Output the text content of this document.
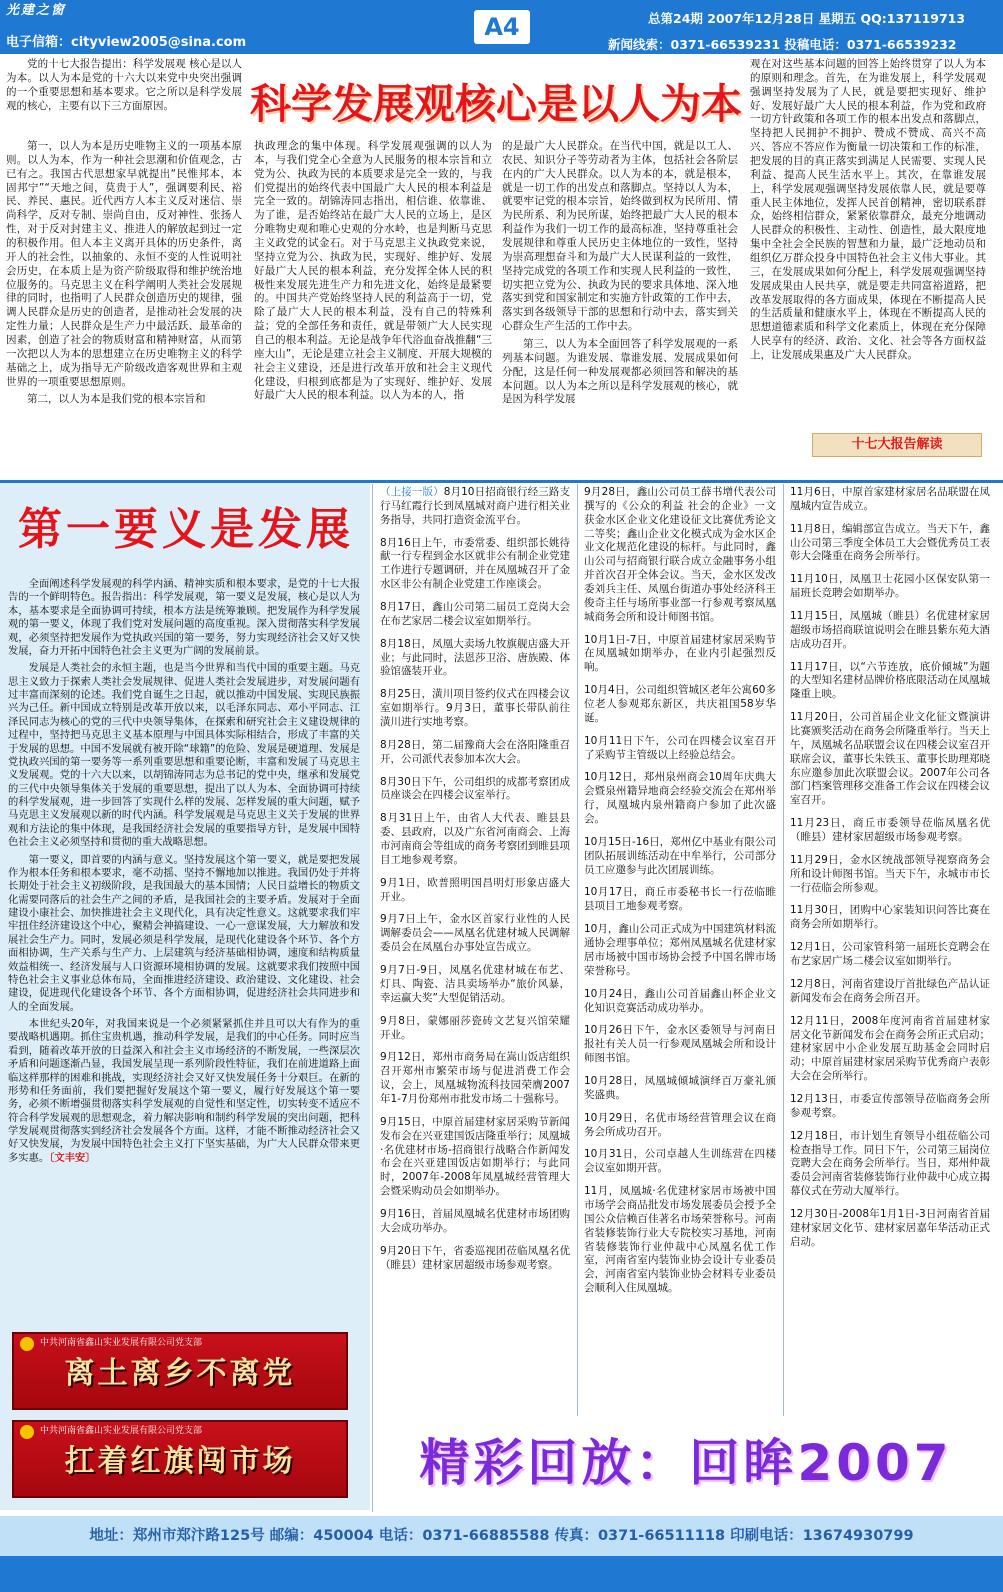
光建之窗
电子信箱：cityview2005@sina.com
A4	总第24期 2007年12月28日 星期五 QQ:137119713
新闻线索：0371-66539231 投稿电话：0371-66539232
科学发展观核心是以人为本

党的十七大报告提出：科学发展观 核心是以人为本。以人为本是党的十六大以来党中央突出强调的一个重要思想和基本要求。它之所以是科学发展观的核心，主要有以下三方面原因。

第一，以人为本是历史唯物主义的一项基本原则。以人为本，作为一种社会思潮和价值观念，古已有之。我国古代思想家早就提出“民惟邦本，本固邦宁”“天地之间，莫贵于人”，强调要利民、裕民、养民、惠民。近代西方人本主义反对迷信、崇尚科学，反对专制、崇尚自由，反对神性、张扬人性，对于反对封建主义、推进人的解放起到过一定的积极作用。但人本主义离开具体的历史条件，离开人的社会性，以抽象的、永恒不变的人性说明社会历史，在本质上是为资产阶级取得和维护统治地位服务的。马克思主义在科学阐明人类社会发展规律的同时，也指明了人民群众创造历史的规律，强调人民群众是历史的创造者，是推动社会发展的决定性力量；人民群众是生产力中最活跃、最革命的因素，创造了社会的物质财富和精神财富，从而第一次把以人为本的思想建立在历史唯物主义的科学基础之上，成为指导无产阶级改造客观世界和主观世界的一项重要思想原则。

第二，以人为本是我们党的根本宗旨和

执政理念的集中体现。科学发展观强调的以人为本，与我们党全心全意为人民服务的根本宗旨和立党为公、执政为民的本质要求是完全一致的，与我们党提出的始终代表中国最广大人民的根本利益是完全一致的。胡锦涛同志指出，相信谁、依靠谁、为了谁，是否始终站在最广大人民的立场上，是区分唯物史观和唯心史观的分水岭，也是判断马克思主义政党的试金石。对于马克思主义执政党来说，坚持立党为公、执政为民，实现好、维护好、发展好最广大人民的根本利益，充分发挥全体人民的积极性来发展先进生产力和先进文化，始终是最紧要的。中国共产党始终坚持人民的利益高于一切，党除了最广大人民的根本利益，没有自己的特殊利益；党的全部任务和责任，就是带领广大人民实现自己的根本利益。无论是战争年代浴血奋战推翻“三座大山”，无论是建立社会主义制度、开展大规模的社会主义建设，还是进行改革开放和社会主义现代化建设，归根到底都是为了实现好、维护好、发展好最广大人民的根本利益。以人为本的人，指

的是最广大人民群众。在当代中国，就是以工人、农民、知识分子等劳动者为主体，包括社会各阶层在内的广大人民群众。以人为本的本，就是根本，就是一切工作的出发点和落脚点。坚持以人为本，就要牢记党的根本宗旨，始终做到权为民所用、情为民所系、利为民所谋，始终把最广大人民的根本利益作为我们一切工作的最高标准，坚持尊重社会发展规律和尊重人民历史主体地位的一致性，坚持为崇高理想奋斗和为最广大人民谋利益的一致性，坚持完成党的各项工作和实现人民利益的一致性，切实把立党为公、执政为民的要求具体地、深入地落实到党和国家制定和实施方针政策的工作中去，落实到各级领导干部的思想和行动中去，落实到关心群众生产生活的工作中去。

第三，以人为本全面回答了科学发展观的一系列基本问题。为谁发展、靠谁发展、发展成果如何分配，这是任何一种发展观都必须回答和解决的基本问题。以人为本之所以是科学发展观的核心，就是因为科学发展

观在对这些基本问题的回答上始终贯穿了以人为本的原则和理念。首先，在为谁发展上，科学发展观强调坚持发展为了人民，就是要把实现好、维护好、发展好最广大人民的根本利益，作为党和政府一切方针政策和各项工作的根本出发点和落脚点，坚持把人民拥护不拥护、赞成不赞成、高兴不高兴、答应不答应作为衡量一切决策和工作的标准，把发展的目的真正落实到满足人民需要、实现人民利益、提高人民生活水平上。其次，在靠谁发展上，科学发展观强调坚持发展依靠人民，就是要尊重人民主体地位，发挥人民首创精神，密切联系群众，始终相信群众，紧紧依靠群众，最充分地调动人民群众的积极性、主动性、创造性，最大限度地集中全社会全民族的智慧和力量，最广泛地动员和组织亿万群众投身中国特色社会主义伟大事业。其三，在发展成果如何分配上，科学发展观强调坚持发展成果由人民共享，就是要走共同富裕道路，把改革发展取得的各方面成果，体现在不断提高人民的生活质量和健康水平上，体现在不断提高人民的思想道德素质和科学文化素质上，体现在充分保障人民享有的经济、政治、文化、社会等各方面权益上，让发展成果惠及广大人民群众。

十七大报告解读
第一要义是发展

全面阐述科学发展观的科学内涵、精神实质和根本要求，是党的十七大报告的一个鲜明特色。报告指出：科学发展观，第一要义是发展，核心是以人为本，基本要求是全面协调可持续，根本方法是统筹兼顾。把发展作为科学发展观的第一要义，体现了我们党对发展问题的高度重视。深入贯彻落实科学发展观，必须坚持把发展作为党执政兴国的第一要务，努力实现经济社会又好又快发展，奋力开拓中国特色社会主义更为广阔的发展前景。

发展是人类社会的永恒主题，也是当今世界和当代中国的重要主题。马克思主义致力于探索人类社会发展规律、促进人类社会发展进步，对发展问题有过丰富而深刻的论述。我们党自诞生之日起，就以推动中国发展、实现民族振兴为己任。新中国成立特别是改革开放以来，以毛泽东同志、邓小平同志、江泽民同志为核心的党的三代中央领导集体，在探索和研究社会主义建设规律的过程中，坚持把马克思主义基本原理与中国具体实际相结合，形成了丰富的关于发展的思想。中国不发展就有被开除“球籍”的危险、发展是硬道理、发展是党执政兴国的第一要务等一系列重要思想和重要论断，丰富和发展了马克思主义发展观。党的十六大以来，以胡锦涛同志为总书记的党中央，继承和发展党的三代中央领导集体关于发展的重要思想，提出了以人为本、全面协调可持续的科学发展观，进一步回答了实现什么样的发展、怎样发展的重大问题，赋予马克思主义发展观以新的时代内涵。科学发展观是马克思主义关于发展的世界观和方法论的集中体现，是我国经济社会发展的重要指导方针，是发展中国特色社会主义必须坚持和贯彻的重大战略思想。

第一要义，即首要的内涵与意义。坚持发展这个第一要义，就是要把发展作为根本任务和根本要求，毫不动摇、坚持不懈地加以推进。我国仍处于并将长期处于社会主义初级阶段，是我国最大的基本国情；人民日益增长的物质文化需要同落后的社会生产之间的矛盾，是我国社会的主要矛盾。发展对于全面建设小康社会、加快推进社会主义现代化，具有决定性意义。这就要求我们牢牢扭住经济建设这个中心，聚精会神搞建设、一心一意谋发展，大力解放和发展社会生产力。同时，发展必须是科学发展，是现代化建设各个环节、各个方面相协调，生产关系与生产力、上层建筑与经济基础相协调，速度和结构质量效益相统一、经济发展与人口资源环境相协调的发展。这就要求我们按照中国特色社会主义事业总体布局，全面推进经济建设、政治建设、文化建设、社会建设，促进现代化建设各个环节、各个方面相协调，促进经济社会共同进步和人的全面发展。

本世纪头20年，对我国来说是一个必须紧紧抓住并且可以大有作为的重要战略机遇期。抓住宝贵机遇，推动科学发展，是我们的中心任务。同时应当看到，随着改革开放的日益深入和社会主义市场经济的不断发展，一些深层次矛盾和问题逐渐凸显，我国发展呈现一系列阶段性特征，我们在前进道路上面临这样那样的困难和挑战，实现经济社会又好又快发展任务十分艰巨。在新的形势和任务面前，我们要把握好发展这个第一要义，履行好发展这个第一要务，必须不断增强贯彻落实科学发展观的自觉性和坚定性，切实转变不适应不符合科学发展观的思想观念，着力解决影响和制约科学发展的突出问题，把科学发展观贯彻落实到经济社会发展各个方面。这样，才能不断推动经济社会又好又快发展，为发展中国特色社会主义打下坚实基础，为广大人民群众带来更多实惠。〔文丰安〕

（上接一版）8月10日招商银行经三路支行马红霞行长到凤凰城对商户进行相关业务指导，共同打造资金流平台。

8月16日上午，市委常委、组织部长姚待献一行专程到金水区就非公有制企业党建工作进行专题调研，并在凤凰城召开了金水区非公有制企业党建工作座谈会。

8月17日，鑫山公司第二届员工竞岗大会在布艺家居二楼会议室如期举行。

8月18日，凤凰大卖场九牧旗舰店盛大开业；与此同时，法恩莎卫浴、唐族殿、体验馆盛装开业。

8月25日，潢川项目签约仪式在四楼会议室如期举行。9月3日，董事长带队前往潢川进行实地考察。

8月28日，第二届豫商大会在洛阳隆重召开，公司派代表参加本次大会。

8月30日下午，公司组织的成都考察团成员座谈会在四楼会议室举行。

8月31日上午，由省人大代表、睢县县委、县政府，以及广东省河南商会、上海市河南商会等组成的商务考察团到睢县项目工地参观考察。

9月1日，欧普照明国昌明灯形象店盛大开业。

9月7日上午，金水区首家行业性的人民调解委员会——凤凰名优建材城人民调解委员会在凤凰台办事处宣告成立。

9月7日-9日，凤凰名优建材城在布艺、灯具、陶瓷、洁具卖场举办“旅价风暴，幸运赢大奖”大型促销活动。

9月8日，蒙娜丽莎瓷砖文艺复兴馆荣耀开业。

9月12日，郑州市商务局在嵩山饭店组织召开郑州市繁荣市场与促进消费工作会议，会上，凤凰城物流科技园荣膺2007年1-7月份郑州市批发市场二十强称号。

9月15日，中原首届建材家居采购节新闻发布会在兴亚建国饭店隆重举行；凤凰城·名优建材市场-招商银行战略合作新闻发布会在兴亚建国饭店如期举行；与此同时，2007年-2008年凤凰城经营管理大会暨采购动员会如期举办。

9月16日，首届凤凰城名优建材市场团购大会成功举办。

9月20日下午，省委巡视团莅临凤凰名优（睢县）建材家居超级市场参观考察。

9月28日，鑫山公司员工薛书增代表公司撰写的《公众的利益 社会的企业》一文获金水区企业文化建设征文比赛优秀论文二等奖；鑫山企业文化模式成为金水区企业文化规范化建设的标杆。与此同时，鑫山公司与招商银行联合成立金融事务小组并首次召开全体会议。当天，金水区发改委刘兵主任、凤凰台街道办事处经济科王俊奇主任与场所事业部一行参观考察凤凰城商务会所和设计师图书馆。

10月1日-7日，中原首届建材家居采购节在凤凰城如期举办，在业内引起强烈反响。

10月4日，公司组织管城区老年公寓60多位老人参观郑东新区，共庆祖国58岁华诞。

10月11日下午，公司在四楼会议室召开了采购节主管级以上经验总结会。

10月12日，郑州泉州商会10周年庆典大会暨泉州籍异地商会经验交流会在郑州举行，凤凰城内泉州籍商户参加了此次盛会。

10月15日-16日，郑州亿中基业有限公司团队拓展训练活动在中牟举行，公司部分员工应邀参与此次团展训练。

10月17日，商丘市委秘书长一行莅临睢县项目工地参观考察。

10月，鑫山公司正式成为中国建筑材料流通协会理事单位；郑州凤凰城名优建材家居市场被中国市场协会授予中国名牌市场荣誉称号。

10月24日，鑫山公司首届鑫山杯企业文化知识竞赛活动成功举办。

10月26日下午，金水区委领导与河南日报社有关人员一行参观凤凰城会所和设计师图书馆。

10月28日，凤凰城倾城演绎百万豪礼颁奖盛典。

10月29日，名优市场经营管理会议在商务会所成功召开。

10月31日，公司卓越人生训练营在四楼会议室如期开营。

11月，凤凰城·名优建材家居市场被中国市场学会商品批发市场发展委员会授予全国公众信赖百佳著名市场荣誉称号。河南省装修装饰行业大专院校实习基地，河南省装修装饰行业仲裁中心凤凰名优工作室，河南省室内装饰业协会设计专业委员会，河南省室内装饰业协会材料专业委员会顺利入住凤凰城。

11月6日，中原首家建材家居名品联盟在凤凰城内宣告成立。

11月8日，编辑部宣告成立。当天下午，鑫山公司第三季度全体员工大会暨优秀员工表彰大会隆重在商务会所举行。

11月10日，凤凰卫士花园小区保安队第一届班长竞聘会如期举办。

11月15日，凤凰城（睢县）名优建材家居超级市场招商联谊说明会在睢县紫东苑大酒店成功召开。

11月17日，以“六节连放，底价倾城”为题的大型知名建材品牌价格底限活动在凤凰城隆重上映。

11月20日，公司首届企业文化征文暨演讲比赛颁奖活动在商务会所隆重举行。当天上午，凤凰城名品联盟会议在四楼会议室召开联席会议，董事长朱铁玉、董事长助理郑晓东应邀参加此次联盟会议。2007年公司各部门档案管理移交准备工作会议在四楼会议室召开。

11月23日，商丘市委领导莅临凤凰名优（睢县）建材家居超级市场参观考察。

11月29日，金水区统战部领导视察商务会所和设计师图书馆。当天下午，永城市市长一行莅临会所参观。

11月30日，团购中心家装知识问答比赛在商务会所如期举行。

12月1日，公司家管科第一届班长竞聘会在布艺家居广场二楼会议室如期举行。

12月8日，河南省建设厅首批绿色产品认证新闻发布会在商务会所召开。

12月11日，2008年度河南省首届建材家居文化节新闻发布会在商务会所正式启动；建材家居中小企业发展互助基金会同时启动；中原首届建材家居采购节优秀商户表彰大会在会所举行。

12月13日，市委宣传部领导莅临商务会所参观考察。

12月18日，市计划生育领导小组莅临公司检查指导工作。同日下午，公司第三届岗位竞聘大会在商务会所举行。当日，郑州仲裁委员会河南省装修装饰行业仲裁中心成立揭幕仪式在劳动大厦举行。

12月30日-2008年1月1日-3日河南省首届建材家居文化节、建材家居嘉年华活动正式启动。

中共河南省鑫山实业发展有限公司党支部
离土离乡不离党
中共河南省鑫山实业发展有限公司党支部
扛着红旗闯市场	精彩回放：回眸2007
地址：郑州市郑汴路125号 邮编：450004 电话：0371-66885588 传真：0371-66511118 印刷电话：13674930799
